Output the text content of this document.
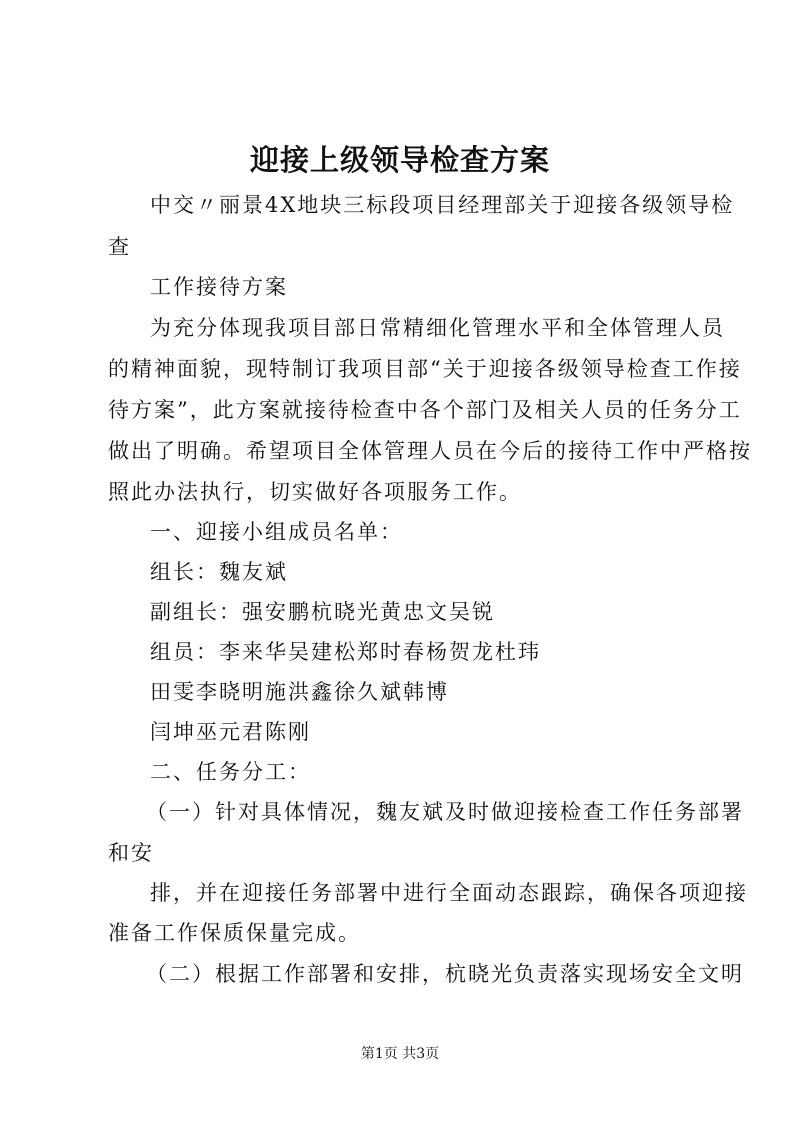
迎接上级领导检查方案
中交〃丽景4X地块三标段项目经理部关于迎接各级领导检
查
工作接待方案
为充分体现我项目部日常精细化管理水平和全体管理人员
的精神面貌，现特制订我项目部“关于迎接各级领导检查工作接
待方案”，此方案就接待检查中各个部门及相关人员的任务分工
做出了明确。希望项目全体管理人员在今后的接待工作中严格按
照此办法执行，切实做好各项服务工作。
一、迎接小组成员名单：
组长：魏友斌
副组长：强安鹏杭晓光黄忠文吴锐
组员：李来华吴建松郑时春杨贺龙杜玮
田雯李晓明施洪鑫徐久斌韩博
闫坤巫元君陈刚
二、任务分工：
（一）针对具体情况，魏友斌及时做迎接检查工作任务部署
和安
排，并在迎接任务部署中进行全面动态跟踪，确保各项迎接
准备工作保质保量完成。
（二）根据工作部署和安排，杭晓光负责落实现场安全文明
第1页 共3页
